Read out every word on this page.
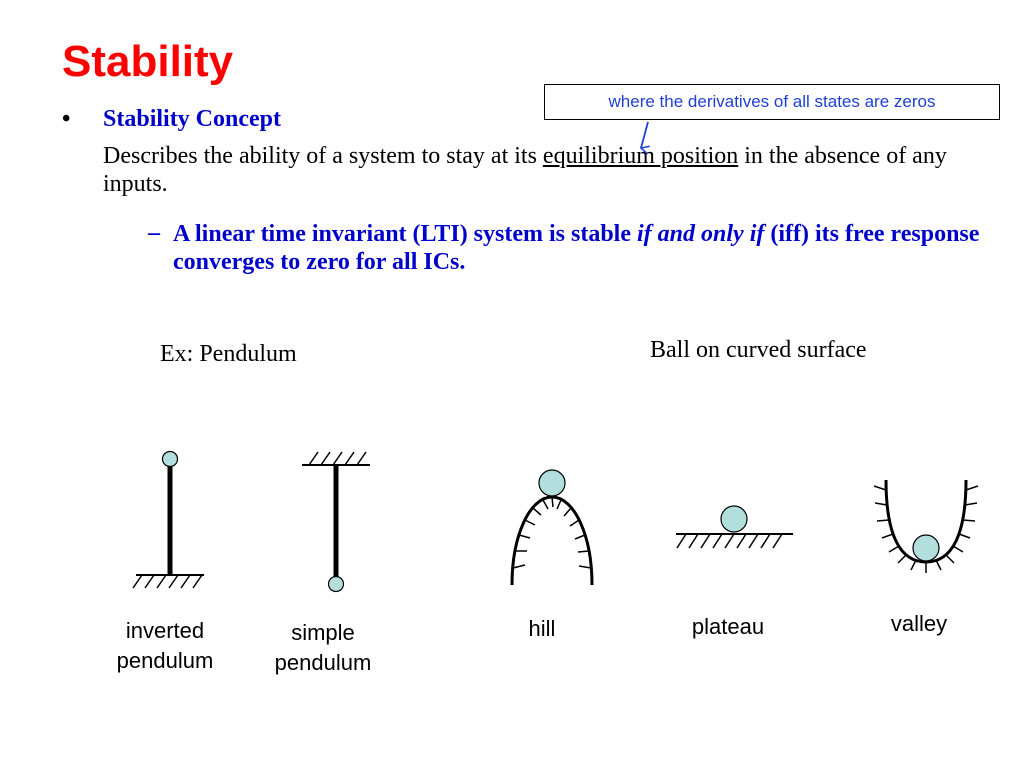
Stability
where the derivatives of all states are zeros
• Stability Concept
Describes the ability of a system to stay at its equilibrium position in the absence of any inputs.
– A linear time invariant (LTI) system is stable if and only if (iff) its free response converges to zero for all ICs.
Ex: Pendulum	Ball on curved surface
inverted
pendulum
simple
pendulum
hill	plateau	valley
